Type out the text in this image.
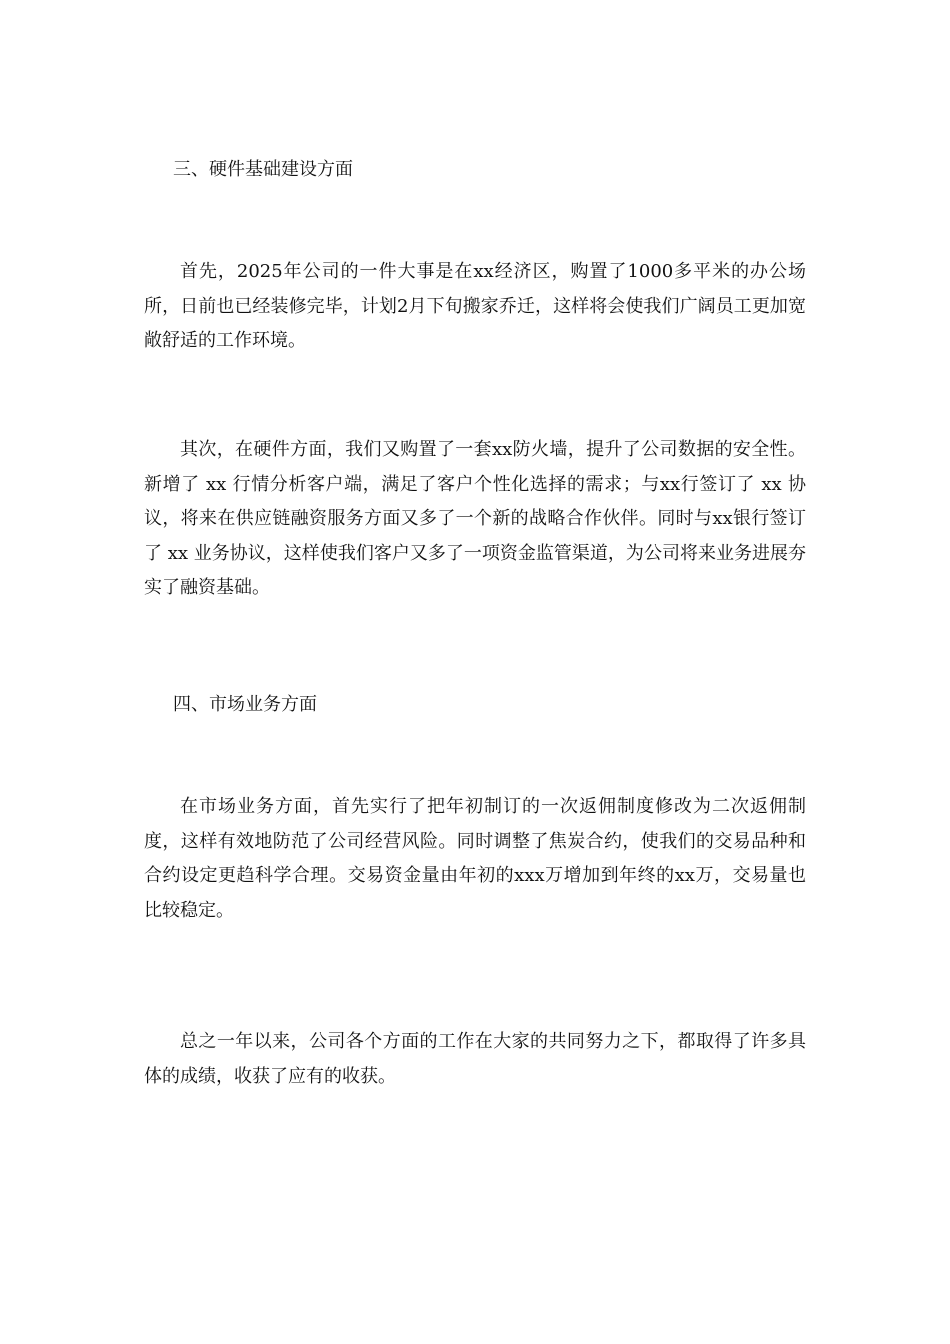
三、硬件基础建设方面

首先，2025年公司的一件大事是在xx经济区，购置了1000多平米的办公场所，日前也已经装修完毕，计划2月下旬搬家乔迁，这样将会使我们广阔员工更加宽敞舒适的工作环境。

其次，在硬件方面，我们又购置了一套xx防火墙，提升了公司数据的安全性。新增了 xx 行情分析客户端，满足了客户个性化选择的需求；与xx行签订了 xx 协议，将来在供应链融资服务方面又多了一个新的战略合作伙伴。同时与xx银行签订了 xx 业务协议，这样使我们客户又多了一项资金监管渠道，为公司将来业务进展夯实了融资基础。

四、市场业务方面

在市场业务方面，首先实行了把年初制订的一次返佣制度修改为二次返佣制度，这样有效地防范了公司经营风险。同时调整了焦炭合约，使我们的交易品种和合约设定更趋科学合理。交易资金量由年初的xxx万增加到年终的xx万，交易量也比较稳定。

总之一年以来，公司各个方面的工作在大家的共同努力之下，都取得了许多具体的成绩，收获了应有的收获。
